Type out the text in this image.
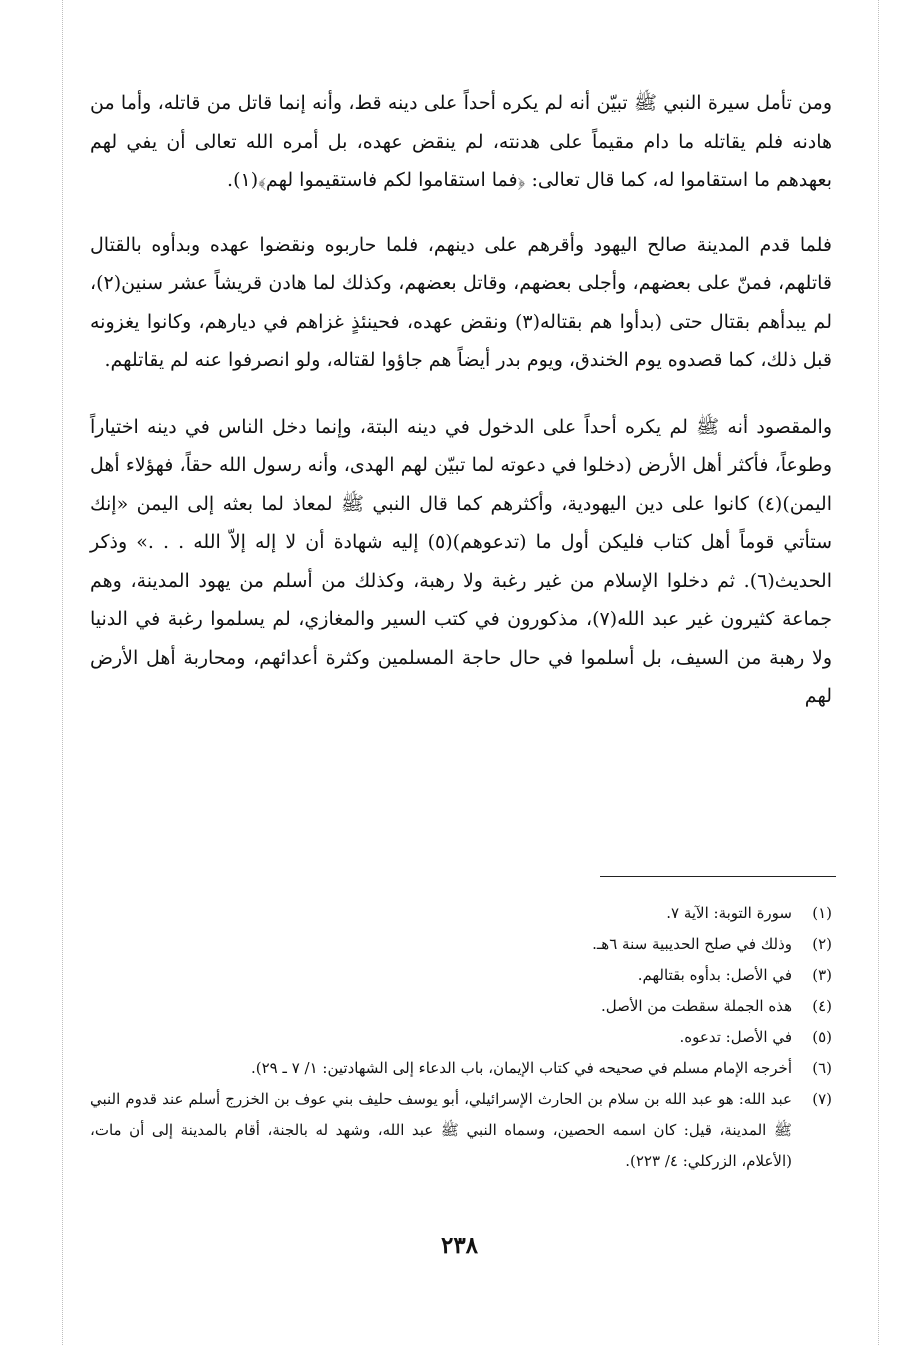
ومن تأمل سيرة النبي ﷺ تبيّن أنه لم يكره أحداً على دينه قط، وأنه إنما قاتل من قاتله، وأما من هادنه فلم يقاتله ما دام مقيماً على هدنته، لم ينقض عهده، بل أمره الله تعالى أن يفي لهم بعهدهم ما استقاموا له، كما قال تعالى: ﴿فما استقاموا لكم فاستقيموا لهم﴾(١).

فلما قدم المدينة صالح اليهود وأقرهم على دينهم، فلما حاربوه ونقضوا عهده وبدأوه بالقتال قاتلهم، فمنّ على بعضهم، وأجلى بعضهم، وقاتل بعضهم، وكذلك لما هادن قريشاً عشر سنين(٢)، لم يبدأهم بقتال حتى (بدأوا هم بقتاله(٣) ونقض عهده، فحينئذٍ غزاهم في ديارهم، وكانوا يغزونه قبل ذلك، كما قصدوه يوم الخندق، ويوم بدر أيضاً هم جاؤوا لقتاله، ولو انصرفوا عنه لم يقاتلهم.

والمقصود أنه ﷺ لم يكره أحداً على الدخول في دينه البتة، وإنما دخل الناس في دينه اختياراً وطوعاً، فأكثر أهل الأرض (دخلوا في دعوته لما تبيّن لهم الهدى، وأنه رسول الله حقاً، فهؤلاء أهل اليمن)(٤) كانوا على دين اليهودية، وأكثرهم كما قال النبي ﷺ لمعاذ لما بعثه إلى اليمن «إنك ستأتي قوماً أهل كتاب فليكن أول ما (تدعوهم)(٥) إليه شهادة أن لا إله إلاّ الله . . .» وذكر الحديث(٦). ثم دخلوا الإسلام من غير رغبة ولا رهبة، وكذلك من أسلم من يهود المدينة، وهم جماعة كثيرون غير عبد الله(٧)، مذكورون في كتب السير والمغازي، لم يسلموا رغبة في الدنيا ولا رهبة من السيف، بل أسلموا في حال حاجة المسلمين وكثرة أعدائهم، ومحاربة أهل الأرض لهم

(١)
سورة التوبة: الآية ٧.
(٢)
وذلك في صلح الحديبية سنة ٦هـ.
(٣)
في الأصل: بدأوه بقتالهم.
(٤)
هذه الجملة سقطت من الأصل.
(٥)
في الأصل: تدعوه.
(٦)
أخرجه الإمام مسلم في صحيحه في كتاب الإيمان، باب الدعاء إلى الشهادتين: ١/ ٧ ـ ٢٩).
(٧)
عبد الله: هو عبد الله بن سلام بن الحارث الإسرائيلي، أبو يوسف حليف بني عوف بن الخزرج أسلم عند قدوم النبي ﷺ المدينة، قيل: كان اسمه الحصين، وسماه النبي ﷺ عبد الله، وشهد له بالجنة، أقام بالمدينة إلى أن مات، (الأعلام، الزركلي: ٤/ ٢٢٣).
٢٣٨
